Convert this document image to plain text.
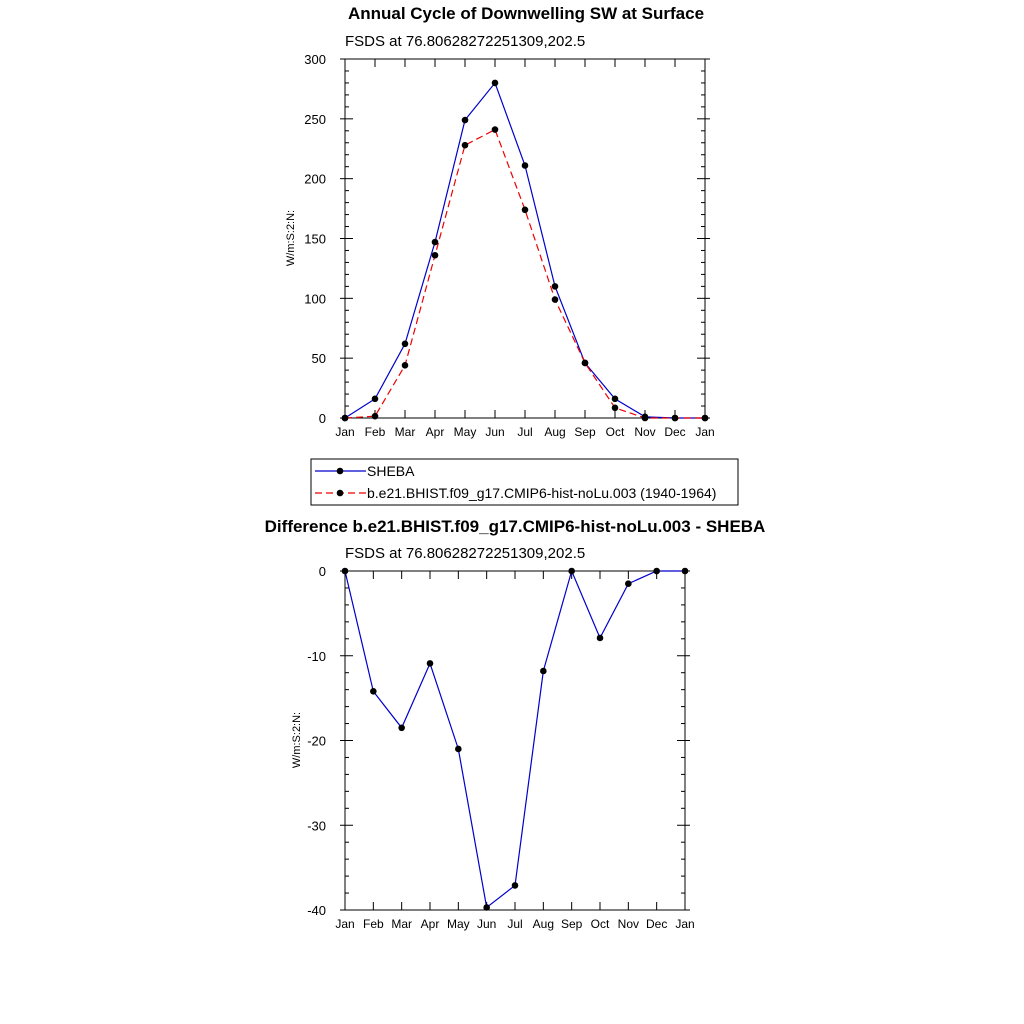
Annual Cycle of Downwelling SW at Surface
FSDS at 76.80628272251309,202.5
W/m:S:2:N:
Jan Feb Mar Apr May Jun Jul Aug Sep Oct Nov Dec Jan
0
50
100
150
200
250
300
SHEBA
b.e21.BHIST.f09_g17.CMIP6-hist-noLu.003 (1940-1964)
Difference b.e21.BHIST.f09_g17.CMIP6-hist-noLu.003 - SHEBA
FSDS at 76.80628272251309,202.5
W/m:S:2:N:
Jan Feb Mar Apr May Jun Jul Aug Sep Oct Nov Dec Jan
-40
-30
-20
-10
0
